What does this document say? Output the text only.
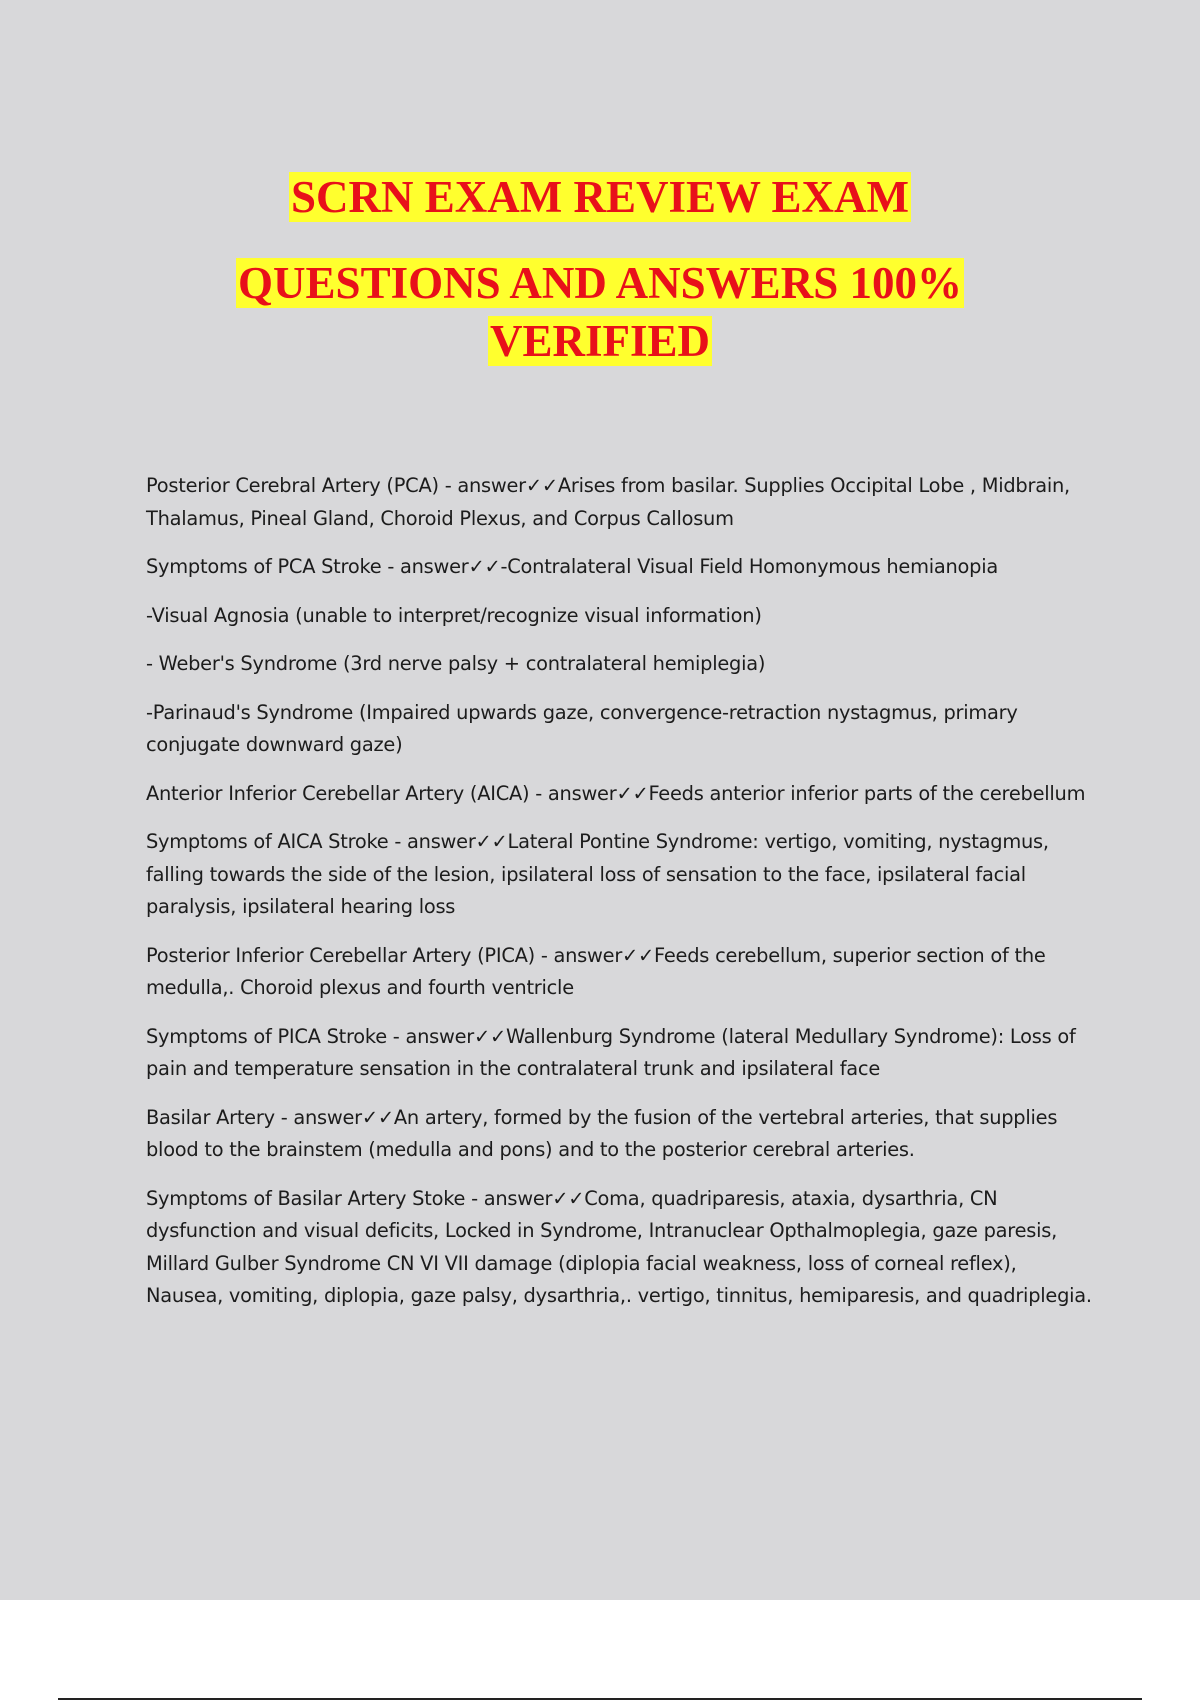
SCRN EXAM REVIEW EXAM
QUESTIONS AND ANSWERS 100%
VERIFIED
Posterior Cerebral Artery (PCA) - answer✓✓Arises from basilar. Supplies Occipital Lobe , Midbrain, Thalamus, Pineal Gland, Choroid Plexus, and Corpus Callosum
Symptoms of PCA Stroke - answer✓✓-Contralateral Visual Field Homonymous hemianopia
-Visual Agnosia (unable to interpret/recognize visual information)
- Weber's Syndrome (3rd nerve palsy + contralateral hemiplegia)
-Parinaud's Syndrome (Impaired upwards gaze, convergence-retraction nystagmus, primary conjugate downward gaze)
Anterior Inferior Cerebellar Artery (AICA) - answer✓✓Feeds anterior inferior parts of the cerebellum
Symptoms of AICA Stroke - answer✓✓Lateral Pontine Syndrome: vertigo, vomiting, nystagmus, falling towards the side of the lesion, ipsilateral loss of sensation to the face, ipsilateral facial paralysis, ipsilateral hearing loss
Posterior Inferior Cerebellar Artery (PICA) - answer✓✓Feeds cerebellum, superior section of the medulla,. Choroid plexus and fourth ventricle
Symptoms of PICA Stroke - answer✓✓Wallenburg Syndrome (lateral Medullary Syndrome): Loss of pain and temperature sensation in the contralateral trunk and ipsilateral face
Basilar Artery - answer✓✓An artery, formed by the fusion of the vertebral arteries, that supplies blood to the brainstem (medulla and pons) and to the posterior cerebral arteries.
Symptoms of Basilar Artery Stoke - answer✓✓Coma, quadriparesis, ataxia, dysarthria, CN dysfunction and visual deficits, Locked in Syndrome, Intranuclear Opthalmoplegia, gaze paresis, Millard Gulber Syndrome CN VI VII damage (diplopia facial weakness, loss of corneal reflex), Nausea, vomiting, diplopia, gaze palsy, dysarthria,. vertigo, tinnitus, hemiparesis, and quadriplegia.
